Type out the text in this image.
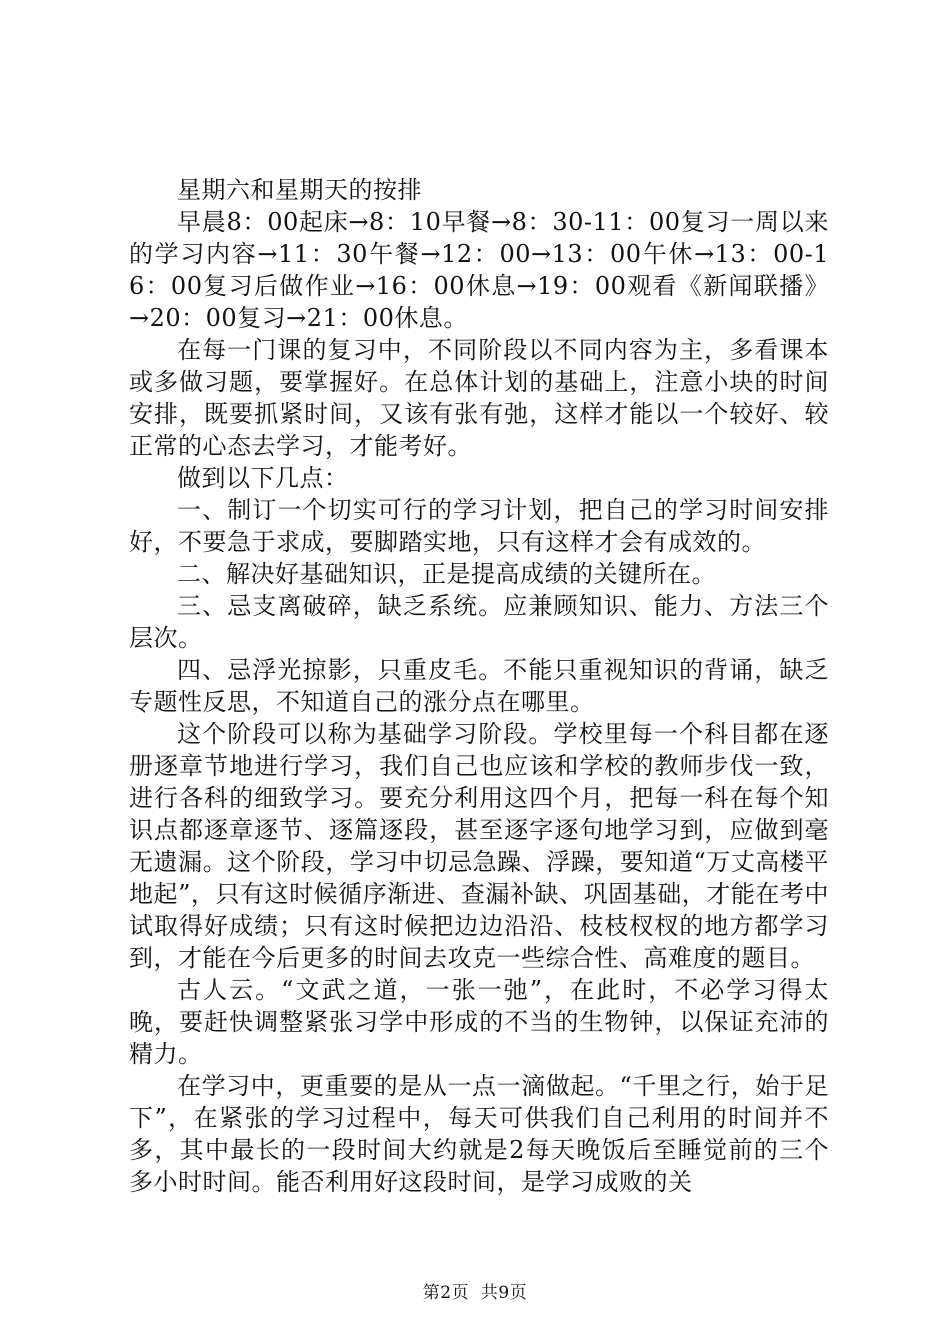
星期六和星期天的按排

早晨8：00起床→8：10早餐→8：30-11：00复习一周以来的学习内容→11：30午餐→12：00→13：00午休→13：00-16：00复习后做作业→16：00休息→19：00观看《新闻联播》→20：00复习→21：00休息。

在每一门课的复习中，不同阶段以不同内容为主，多看课本或多做习题，要掌握好。在总体计划的基础上，注意小块的时间安排，既要抓紧时间，又该有张有弛，这样才能以一个较好、较正常的心态去学习，才能考好。

做到以下几点：

一、制订一个切实可行的学习计划，把自己的学习时间安排好，不要急于求成，要脚踏实地，只有这样才会有成效的。

二、解决好基础知识，正是提高成绩的关键所在。

三、忌支离破碎，缺乏系统。应兼顾知识、能力、方法三个层次。

四、忌浮光掠影，只重皮毛。不能只重视知识的背诵，缺乏专题性反思，不知道自己的涨分点在哪里。

这个阶段可以称为基础学习阶段。学校里每一个科目都在逐册逐章节地进行学习，我们自己也应该和学校的教师步伐一致，进行各科的细致学习。要充分利用这四个月，把每一科在每个知识点都逐章逐节、逐篇逐段，甚至逐字逐句地学习到，应做到毫无遗漏。这个阶段，学习中切忌急躁、浮躁，要知道“万丈高楼平地起”，只有这时候循序渐进、查漏补缺、巩固基础，才能在考中试取得好成绩；只有这时候把边边沿沿、枝枝杈杈的地方都学习到，才能在今后更多的时间去攻克一些综合性、高难度的题目。

古人云。“文武之道，一张一弛”，在此时，不必学习得太晚，要赶快调整紧张习学中形成的不当的生物钟，以保证充沛的精力。

在学习中，更重要的是从一点一滴做起。“千里之行，始于足下”，在紧张的学习过程中，每天可供我们自己利用的时间并不多，其中最长的一段时间大约就是2每天晚饭后至睡觉前的三个多小时时间。能否利用好这段时间，是学习成败的关

第2页  共9页
